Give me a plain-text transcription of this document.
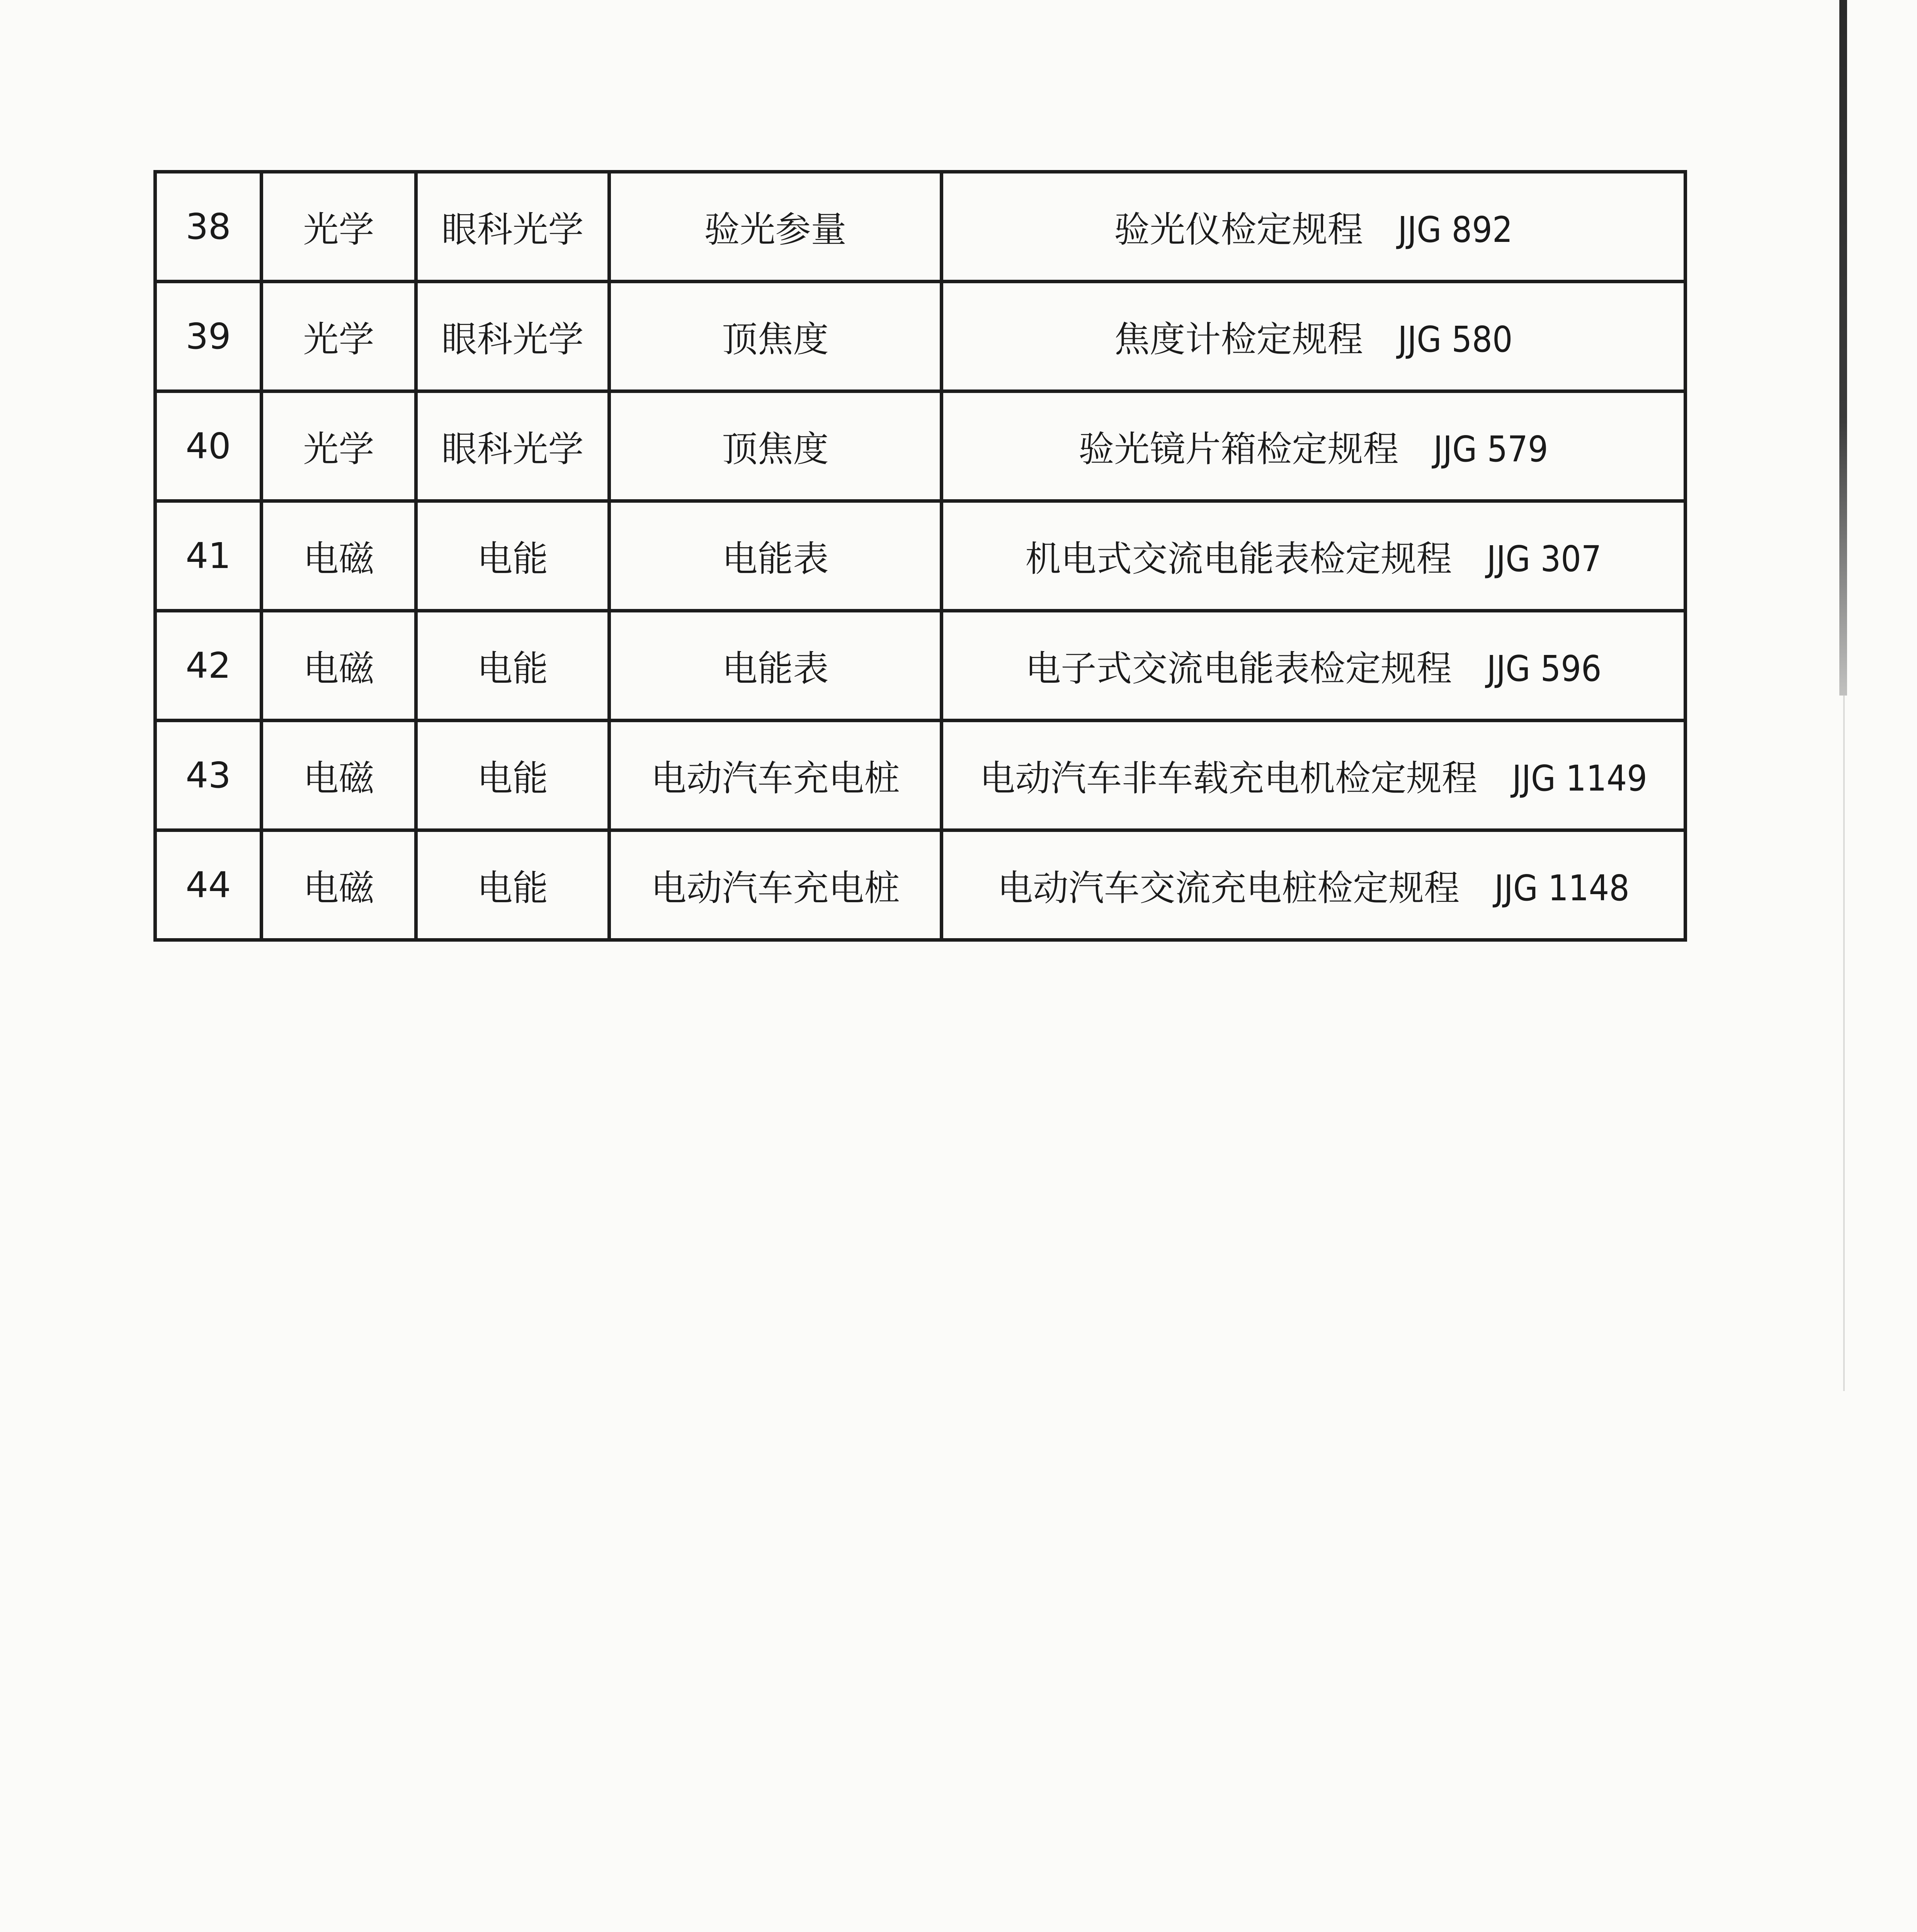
38	光学	眼科光学	验光参量	验光仪检定规程 JJG 892
39	光学	眼科光学	顶焦度	焦度计检定规程 JJG 580
40	光学	眼科光学	顶焦度	验光镜片箱检定规程 JJG 579
41	电磁	电能	电能表	机电式交流电能表检定规程 JJG 307
42	电磁	电能	电能表	电子式交流电能表检定规程 JJG 596
43	电磁	电能	电动汽车充电桩	电动汽车非车载充电机检定规程 JJG 1149
44	电磁	电能	电动汽车充电桩	电动汽车交流充电桩检定规程 JJG 1148
